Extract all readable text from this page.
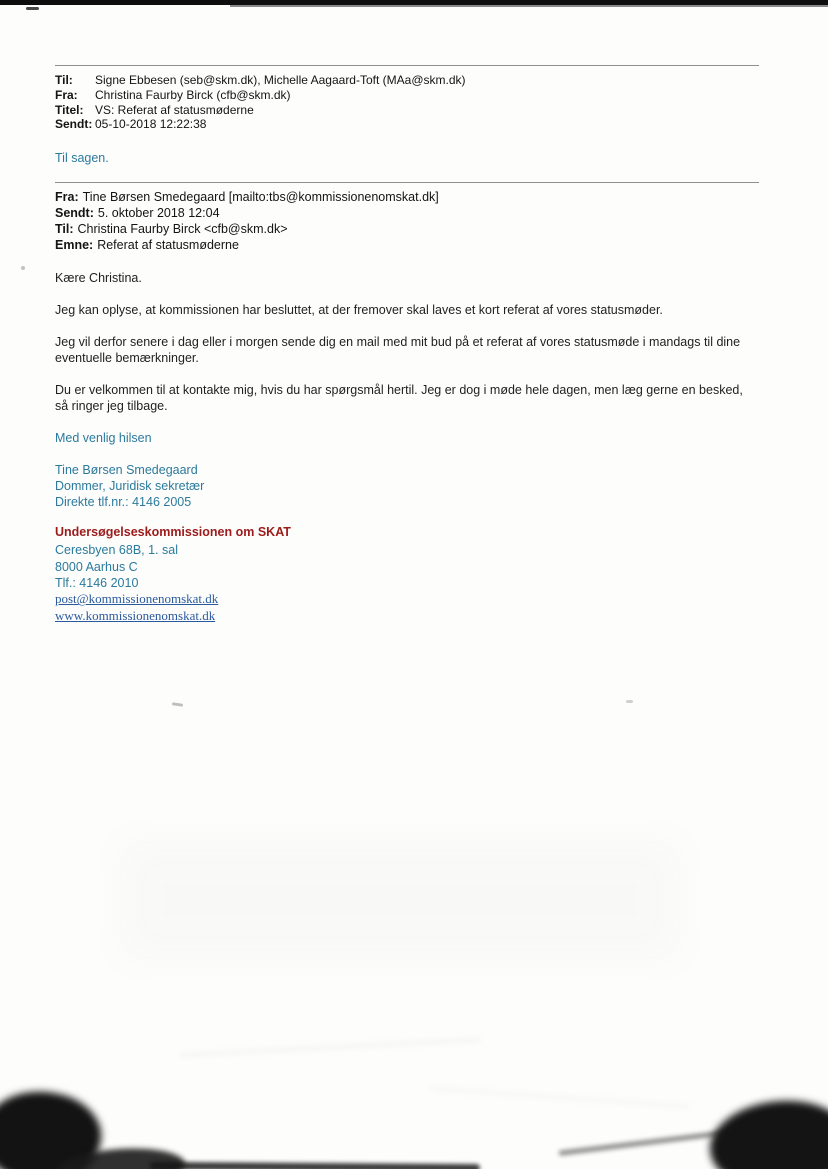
Til: Signe Ebbesen (seb@skm.dk), Michelle Aagaard-Toft (MAa@skm.dk)
Fra: Christina Faurby Birck (cfb@skm.dk)
Titel: VS: Referat af statusmøderne
Sendt: 05-10-2018 12:22:38
Til sagen.
Fra: Tine Børsen Smedegaard [mailto:tbs@kommissionenomskat.dk]
Sendt: 5. oktober 2018 12:04
Til: Christina Faurby Birck <cfb@skm.dk>
Emne: Referat af statusmøderne

Kære Christina.

Jeg kan oplyse, at kommissionen har besluttet, at der fremover skal laves et kort referat af vores statusmøder.

Jeg vil derfor senere i dag eller i morgen sende dig en mail med mit bud på et referat af vores statusmøde i mandags til dine eventuelle bemærkninger.

Du er velkommen til at kontakte mig, hvis du har spørgsmål hertil. Jeg er dog i møde hele dagen, men læg gerne en besked, så ringer jeg tilbage.

Med venlig hilsen
Tine Børsen Smedegaard
Dommer, Juridisk sekretær
Direkte tlf.nr.: 4146 2005
Undersøgelseskommissionen om SKAT
Ceresbyen 68B, 1. sal
8000 Aarhus C
Tlf.: 4146 2010
post@kommissionenomskat.dk
www.kommissionenomskat.dk
